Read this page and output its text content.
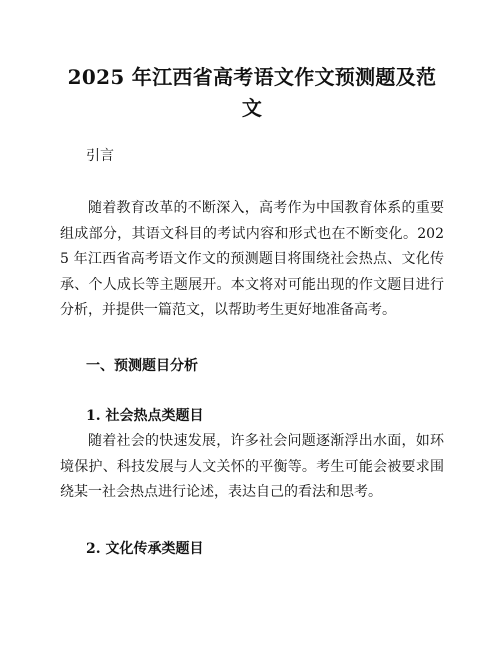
2025 年江西省高考语文作文预测题及范文
引言
随着教育改革的不断深入，高考作为中国教育体系的重要组成部分，其语文科目的考试内容和形式也在不断变化。2025 年江西省高考语文作文的预测题目将围绕社会热点、文化传承、个人成长等主题展开。本文将对可能出现的作文题目进行分析，并提供一篇范文，以帮助考生更好地准备高考。
一、预测题目分析
1. 社会热点类题目
随着社会的快速发展，许多社会问题逐渐浮出水面，如环境保护、科技发展与人文关怀的平衡等。考生可能会被要求围绕某一社会热点进行论述，表达自己的看法和思考。
2. 文化传承类题目
